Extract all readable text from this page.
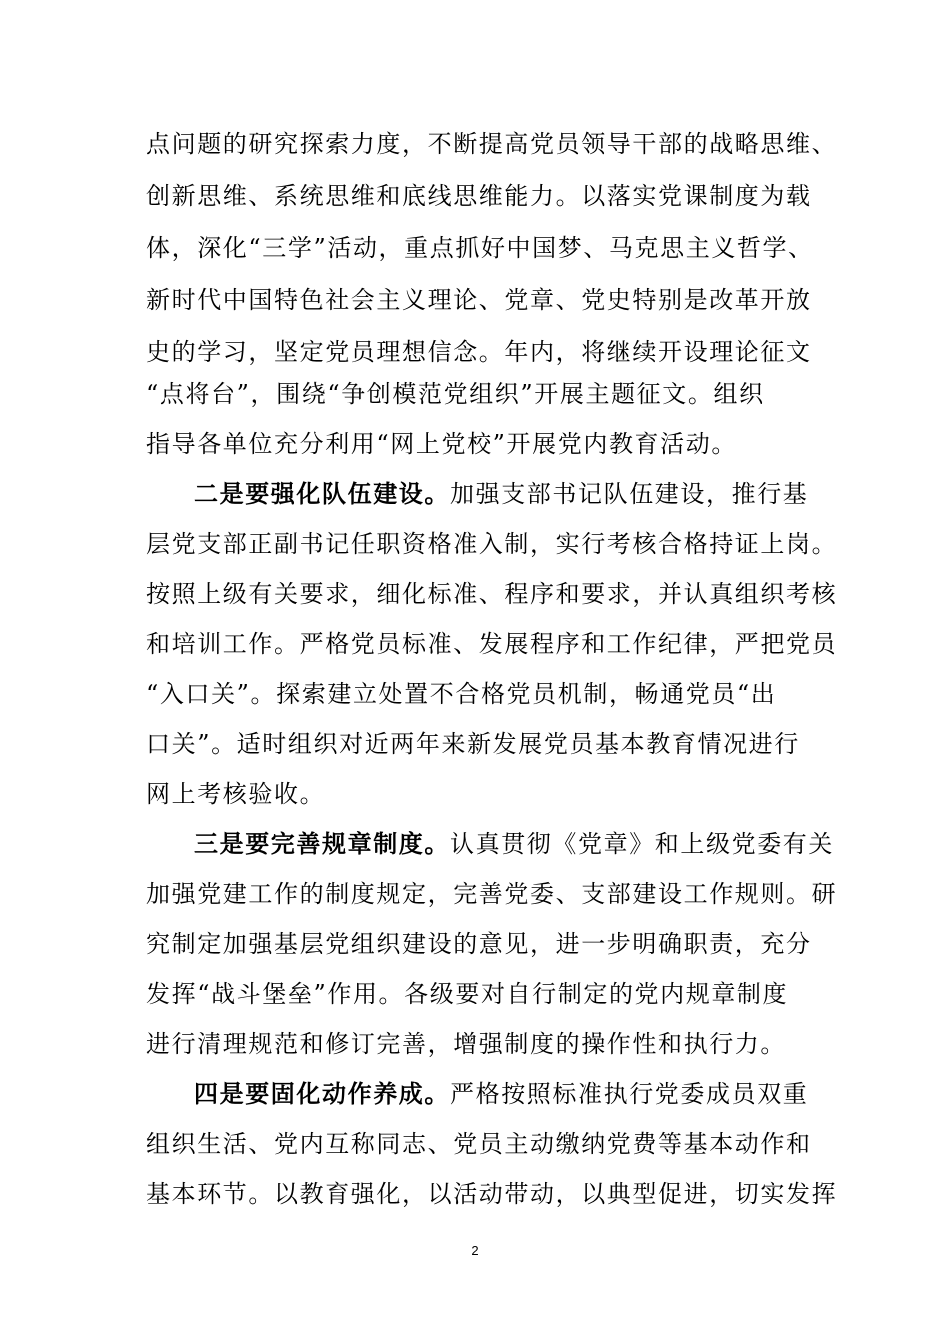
点问题的研究探索力度，不断提高党员领导干部的战略思维、
创新思维、系统思维和底线思维能力。以落实党课制度为载
体，深化“三学”活动，重点抓好中国梦、马克思主义哲学、
新时代中国特色社会主义理论、党章、党史特别是改革开放
史的学习，坚定党员理想信念。年内，将继续开设理论征文
“点将台”，围绕“争创模范党组织”开展主题征文。组织
指导各单位充分利用“网上党校”开展党内教育活动。
二是要强化队伍建设。加强支部书记队伍建设，推行基
层党支部正副书记任职资格准入制，实行考核合格持证上岗。
按照上级有关要求，细化标准、程序和要求，并认真组织考核
和培训工作。严格党员标准、发展程序和工作纪律，严把党员
“入口关”。探索建立处置不合格党员机制，畅通党员“出
口关”。适时组织对近两年来新发展党员基本教育情况进行
网上考核验收。
三是要完善规章制度。认真贯彻《党章》和上级党委有关
加强党建工作的制度规定，完善党委、支部建设工作规则。研
究制定加强基层党组织建设的意见，进一步明确职责，充分
发挥“战斗堡垒”作用。各级要对自行制定的党内规章制度
进行清理规范和修订完善，增强制度的操作性和执行力。
四是要固化动作养成。严格按照标准执行党委成员双重
组织生活、党内互称同志、党员主动缴纳党费等基本动作和
基本环节。以教育强化，以活动带动，以典型促进，切实发挥
2
